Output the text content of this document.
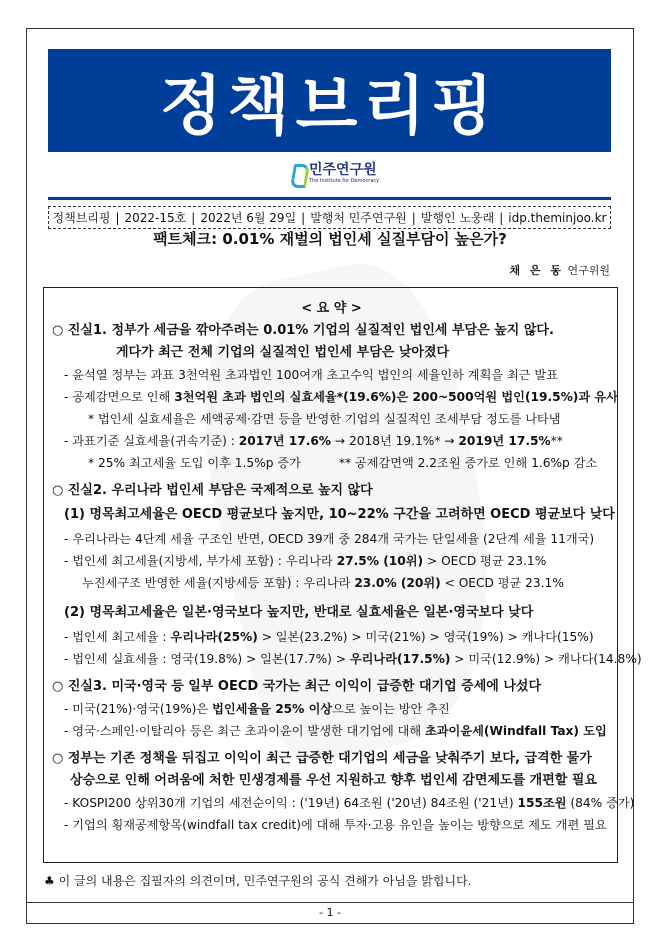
정책브리핑
민주연구원
The Institute for Democracy
정책브리핑 | 2022-15호 | 2022년 6월 29일 | 발행처 민주연구원 | 발행인 노웅래 | idp.theminjoo.kr
팩트체크: 0.01% 재벌의 법인세 실질부담이 높은가?
채 은 동 연구위원
< 요 약 >
○ 진실1. 정부가 세금을 깎아주려는 0.01% 기업의 실질적인 법인세 부담은 높지 않다.
게다가 최근 전체 기업의 실질적인 법인세 부담은 낮아졌다
- 윤석열 정부는 과표 3천억원 초과법인 100여개 초고수익 법인의 세율인하 계획을 최근 발표
- 공제감면으로 인해 3천억원 초과 법인의 실효세율*(19.6%)은 200~500억원 법인(19.5%)과 유사
* 법인세 실효세율은 세액공제·감면 등을 반영한 기업의 실질적인 조세부담 정도를 나타냄
- 과표기준 실효세율(귀속기준) : 2017년 17.6% → 2018년 19.1%* → 2019년 17.5%**
* 25% 최고세율 도입 이후 1.5%p 증가	** 공제감면액 2.2조원 증가로 인해 1.6%p 감소
○ 진실2. 우리나라 법인세 부담은 국제적으로 높지 않다
(1) 명목최고세율은 OECD 평균보다 높지만, 10~22% 구간을 고려하면 OECD 평균보다 낮다
- 우리나라는 4단계 세율 구조인 반면, OECD 39개 중 284개 국가는 단일세율 (2단계 세율 11개국)
- 법인세 최고세율(지방세, 부가세 포함) : 우리나라 27.5% (10위) > OECD 평균 23.1%
누진세구조 반영한 세율(지방세등 포함) : 우리나라 23.0% (20위) < OECD 평균 23.1%
(2) 명목최고세율은 일본·영국보다 높지만, 반대로 실효세율은 일본·영국보다 낮다
- 법인세 최고세율 : 우리나라(25%) > 일본(23.2%) > 미국(21%) > 영국(19%) > 캐나다(15%)
- 법인세 실효세율 : 영국(19.8%) > 일본(17.7%) > 우리나라(17.5%) > 미국(12.9%) > 캐나다(14.8%)
○ 진실3. 미국·영국 등 일부 OECD 국가는 최근 이익이 급증한 대기업 증세에 나섰다
- 미국(21%)·영국(19%)은 법인세율을 25% 이상으로 높이는 방안 추진
- 영국·스페인·이탈리아 등은 최근 초과이윤이 발생한 대기업에 대해 초과이윤세(Windfall Tax) 도입
○ 정부는 기존 정책을 뒤집고 이익이 최근 급증한 대기업의 세금을 낮춰주기 보다, 급격한 물가
상승으로 인해 어려움에 처한 민생경제를 우선 지원하고 향후 법인세 감면제도를 개편할 필요
- KOSPI200 상위30개 기업의 세전순이익 : ('19년) 64조원 ('20년) 84조원 ('21년) 155조원 (84% 증가)
- 기업의 횡재공제항목(windfall tax credit)에 대해 투자·고용 유인을 높이는 방향으로 제도 개편 필요
♣ 이 글의 내용은 집필자의 의견이며, 민주연구원의 공식 견해가 아님을 밝힙니다.
- 1 -
